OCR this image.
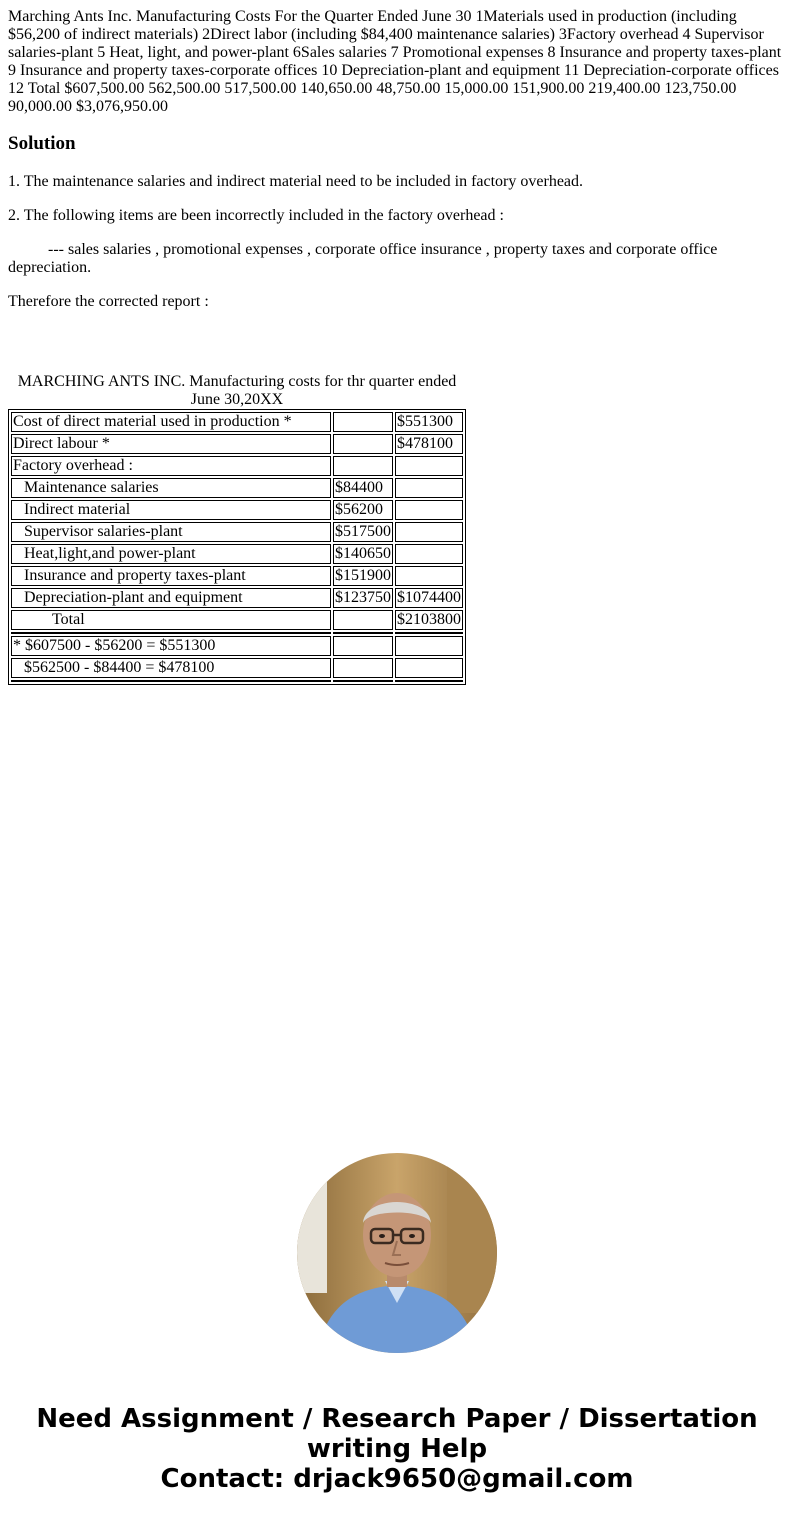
Marching Ants Inc. Manufacturing Costs For the Quarter Ended June 30 1Materials used in production (including $56,200 of indirect materials) 2Direct labor (including $84,400 maintenance salaries) 3Factory overhead 4 Supervisor salaries-plant 5 Heat, light, and power-plant 6Sales salaries 7 Promotional expenses 8 Insurance and property taxes-plant 9 Insurance and property taxes-corporate offices 10 Depreciation-plant and equipment 11 Depreciation-corporate offices 12 Total $607,500.00 562,500.00 517,500.00 140,650.00 48,750.00 15,000.00 151,900.00 219,400.00 123,750.00 90,000.00 $3,076,950.00
Solution

1. The maintenance salaries and indirect material need to be included in factory overhead.

2. The following items are been incorrectly included in the factory overhead :

--- sales salaries , promotional expenses , corporate office insurance , property taxes and corporate office depreciation.

Therefore the corrected report :

MARCHING ANTS INC. Manufacturing costs for thr quarter ended June 30,20XX
Cost of direct material used in production *		$551300
Direct labour *		$478100
Factory overhead :		
Maintenance salaries	$84400	
Indirect material	$56200	
Supervisor salaries-plant	$517500	
Heat,light,and power-plant	$140650	
Insurance and property taxes-plant	$151900	
Depreciation-plant and equipment	$123750	$1074400
Total		$2103800

* $607500 - $56200 = $551300		
$562500 - $84400 = $478100		

Need Assignment / Research Paper / Dissertation
writing Help
Contact: drjack9650@gmail.com
